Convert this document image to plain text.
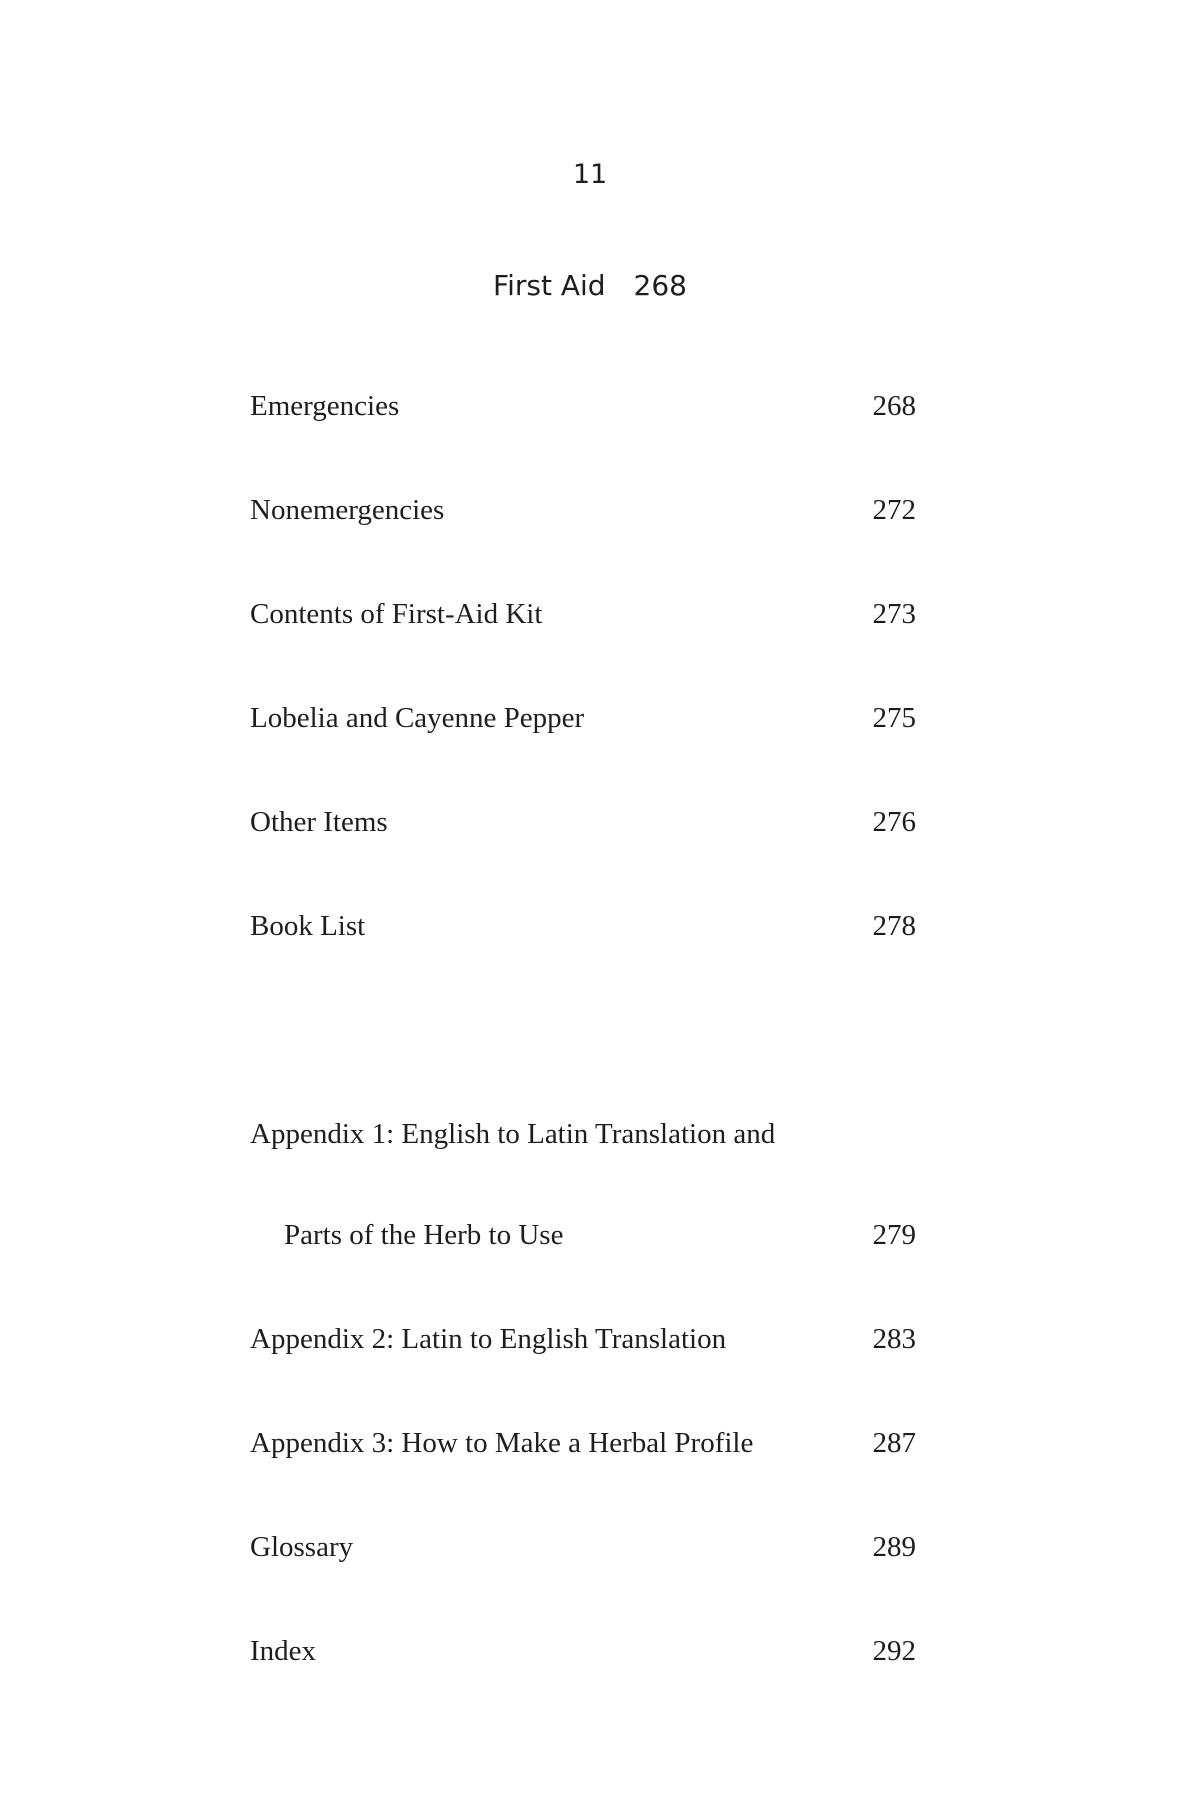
11
First Aid 268
Emergencies	268
Nonemergencies	272
Contents of First-Aid Kit	273
Lobelia and Cayenne Pepper	275
Other Items	276
Book List	278
Appendix 1: English to Latin Translation and
Parts of the Herb to Use	279
Appendix 2: Latin to English Translation	283
Appendix 3: How to Make a Herbal Profile	287
Glossary	289
Index	292
